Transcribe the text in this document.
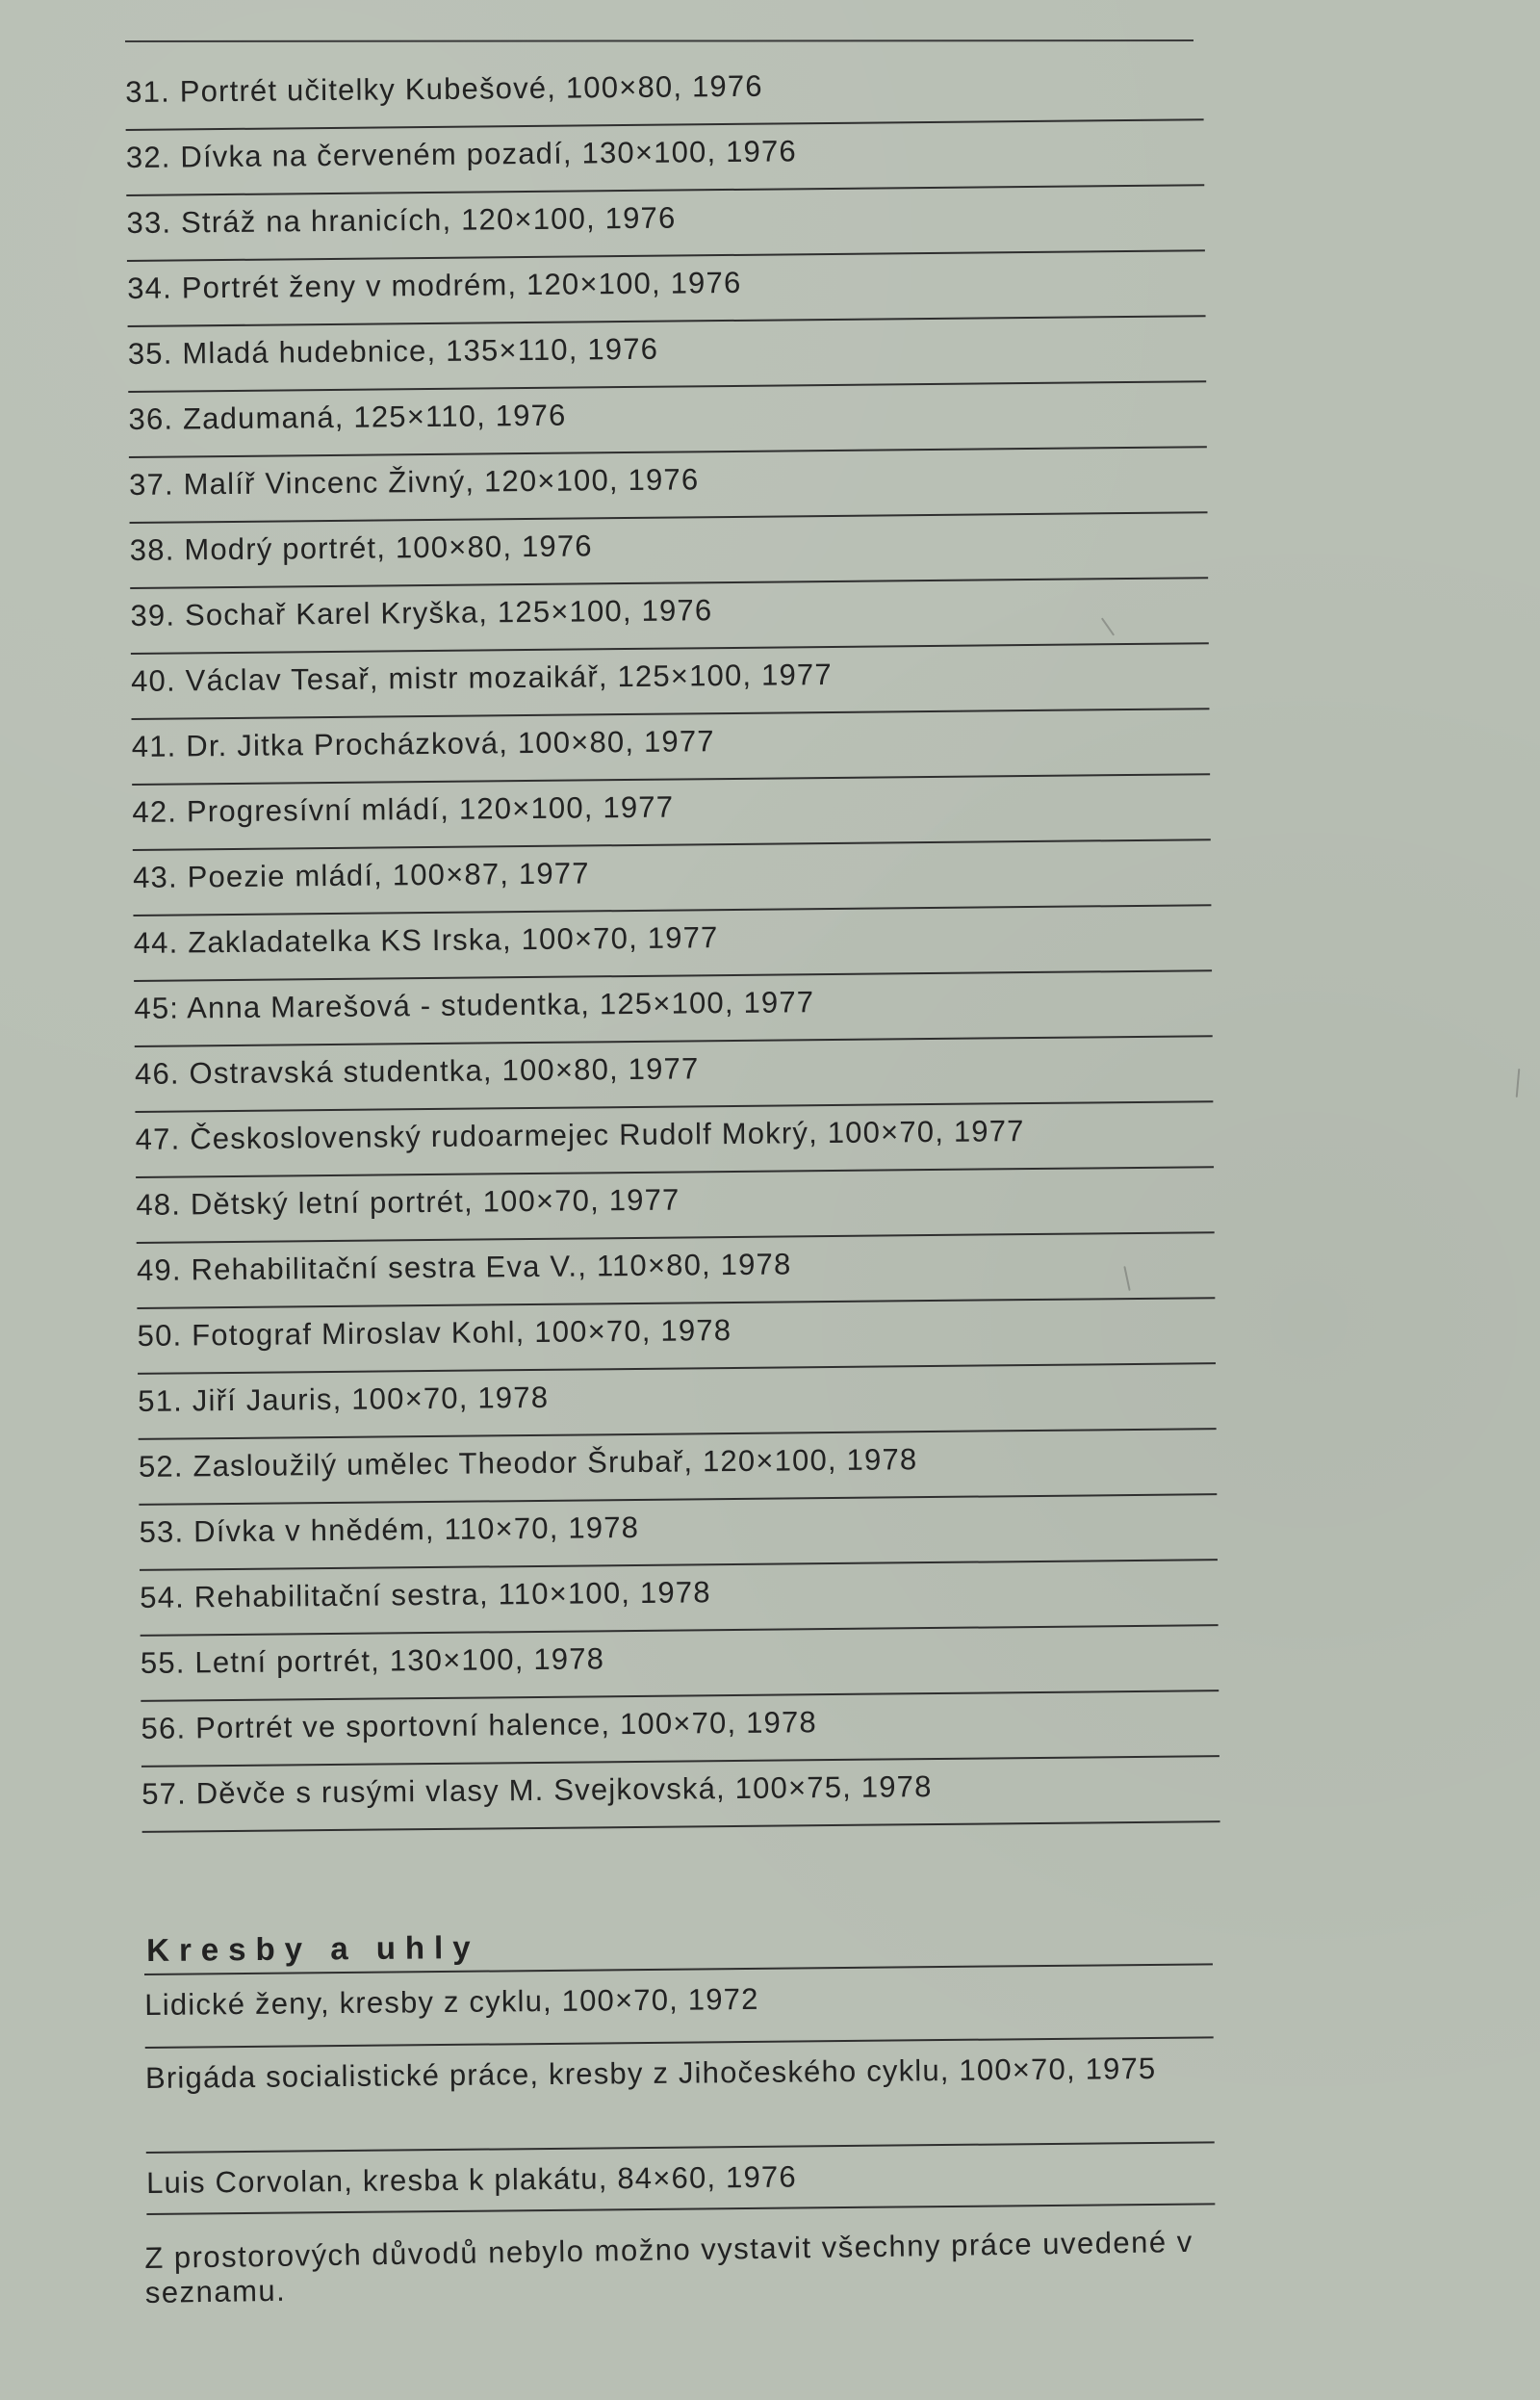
31. Portrét učitelky Kubešové, 100×80, 1976
32. Dívka na červeném pozadí, 130×100, 1976
33. Stráž na hranicích, 120×100, 1976
34. Portrét ženy v modrém, 120×100, 1976
35. Mladá hudebnice, 135×110, 1976
36. Zadumaná, 125×110, 1976
37. Malíř Vincenc Živný, 120×100, 1976
38. Modrý portrét, 100×80, 1976
39. Sochař Karel Kryška, 125×100, 1976
40. Václav Tesař, mistr mozaikář, 125×100, 1977
41. Dr. Jitka Procházková, 100×80, 1977
42. Progresívní mládí, 120×100, 1977
43. Poezie mládí, 100×87, 1977
44. Zakladatelka KS Irska, 100×70, 1977
45: Anna Marešová - studentka, 125×100, 1977
46. Ostravská studentka, 100×80, 1977
47. Československý rudoarmejec Rudolf Mokrý, 100×70, 1977
48. Dětský letní portrét, 100×70, 1977
49. Rehabilitační sestra Eva V., 110×80, 1978
50. Fotograf Miroslav Kohl, 100×70, 1978
51. Jiří Jauris, 100×70, 1978
52. Zasloužilý umělec Theodor Šrubař, 120×100, 1978
53. Dívka v hnědém, 110×70, 1978
54. Rehabilitační sestra, 110×100, 1978
55. Letní portrét, 130×100, 1978
56. Portrét ve sportovní halence, 100×70, 1978
57. Děvče s rusými vlasy M. Svejkovská, 100×75, 1978
Kresby a uhly
Lidické ženy, kresby z cyklu, 100×70, 1972
Brigáda socialistické práce, kresby z Jihočeského cyklu, 100×70, 1975
Luis Corvolan, kresba k plakátu, 84×60, 1976
Z prostorových důvodů nebylo možno vystavit všechny práce uvedené v seznamu.
